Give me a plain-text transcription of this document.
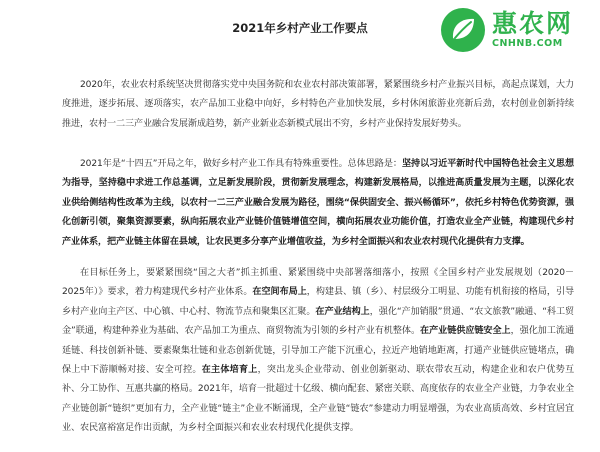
2021年乡村产业工作要点	惠农网
CNHNB.COM

2020年，农业农村系统坚决贯彻落实党中央国务院和农业农村部决策部署，紧紧围绕乡村产业振兴目标，高起点谋划，大力度推进，逐步拓展、逐项落实，农产品加工业稳中向好，乡村特色产业加快发展，乡村休闲旅游业亮新后劲，农村创业创新持续推进，农村一二三产业融合发展渐成趋势，新产业新业态新模式展出不穷，乡村产业保持发展好势头。

2021年是“十四五”开局之年，做好乡村产业工作具有特殊重要性。总体思路是：坚持以习近平新时代中国特色社会主义思想为指导，坚持稳中求进工作总基调，立足新发展阶段，贯彻新发展理念，构建新发展格局，以推进高质量发展为主题，以深化农业供给侧结构性改革为主线，以农村一二三产业融合发展为路径，围绕“保供固安全、振兴畅循环”，依托乡村特色优势资源，强化创新引领，聚集资源要素，纵向拓展农业产业链价值链增值空间，横向拓展农业功能价值，打造农业全产业链，构建现代乡村产业体系，把产业链主体留在县域，让农民更多分享产业增值收益，为乡村全面振兴和农业农村现代化提供有力支撑。

在目标任务上，要紧紧围绕“国之大者”抓主抓重、紧紧围绕中央部署落细落小，按照《全国乡村产业发展规划（2020－2025年）》要求，着力构建现代乡村产业体系。在空间布局上，构建县、镇（乡）、村层级分工明显、功能有机衔接的格局，引导乡村产业向主产区、中心镇、中心村、物流节点和聚集区汇聚。在产业结构上，强化“产加销服”贯通、“农文旅教”融通、“科工贸金”联通，构建种养业为基础、农产品加工为重点、商贸物流为引领的乡村产业有机整体。在产业链供应链安全上，强化加工流通延链、科技创新补链、要素聚集壮链和业态创新优链，引导加工产能下沉重心，拉近产地销地距离，打通产业链供应链堵点，确保上中下游顺畅对接、安全可控。在主体培育上，突出龙头企业带动、创业创新驱动、联农带农互动，构建企业和农户优势互补、分工协作、互惠共赢的格局。2021年，培育一批超过十亿级、横向配套、紧密关联、高度依存的农业全产业链，力争农业全产业链创新“链织”更加有力，全产业链“链主”企业不断涌现，全产业链“链农”参建动力明显增强，为农业高质高效、乡村宜居宜业、农民富裕富足作出贡献，为乡村全面振兴和农业农村现代化提供支撑。
